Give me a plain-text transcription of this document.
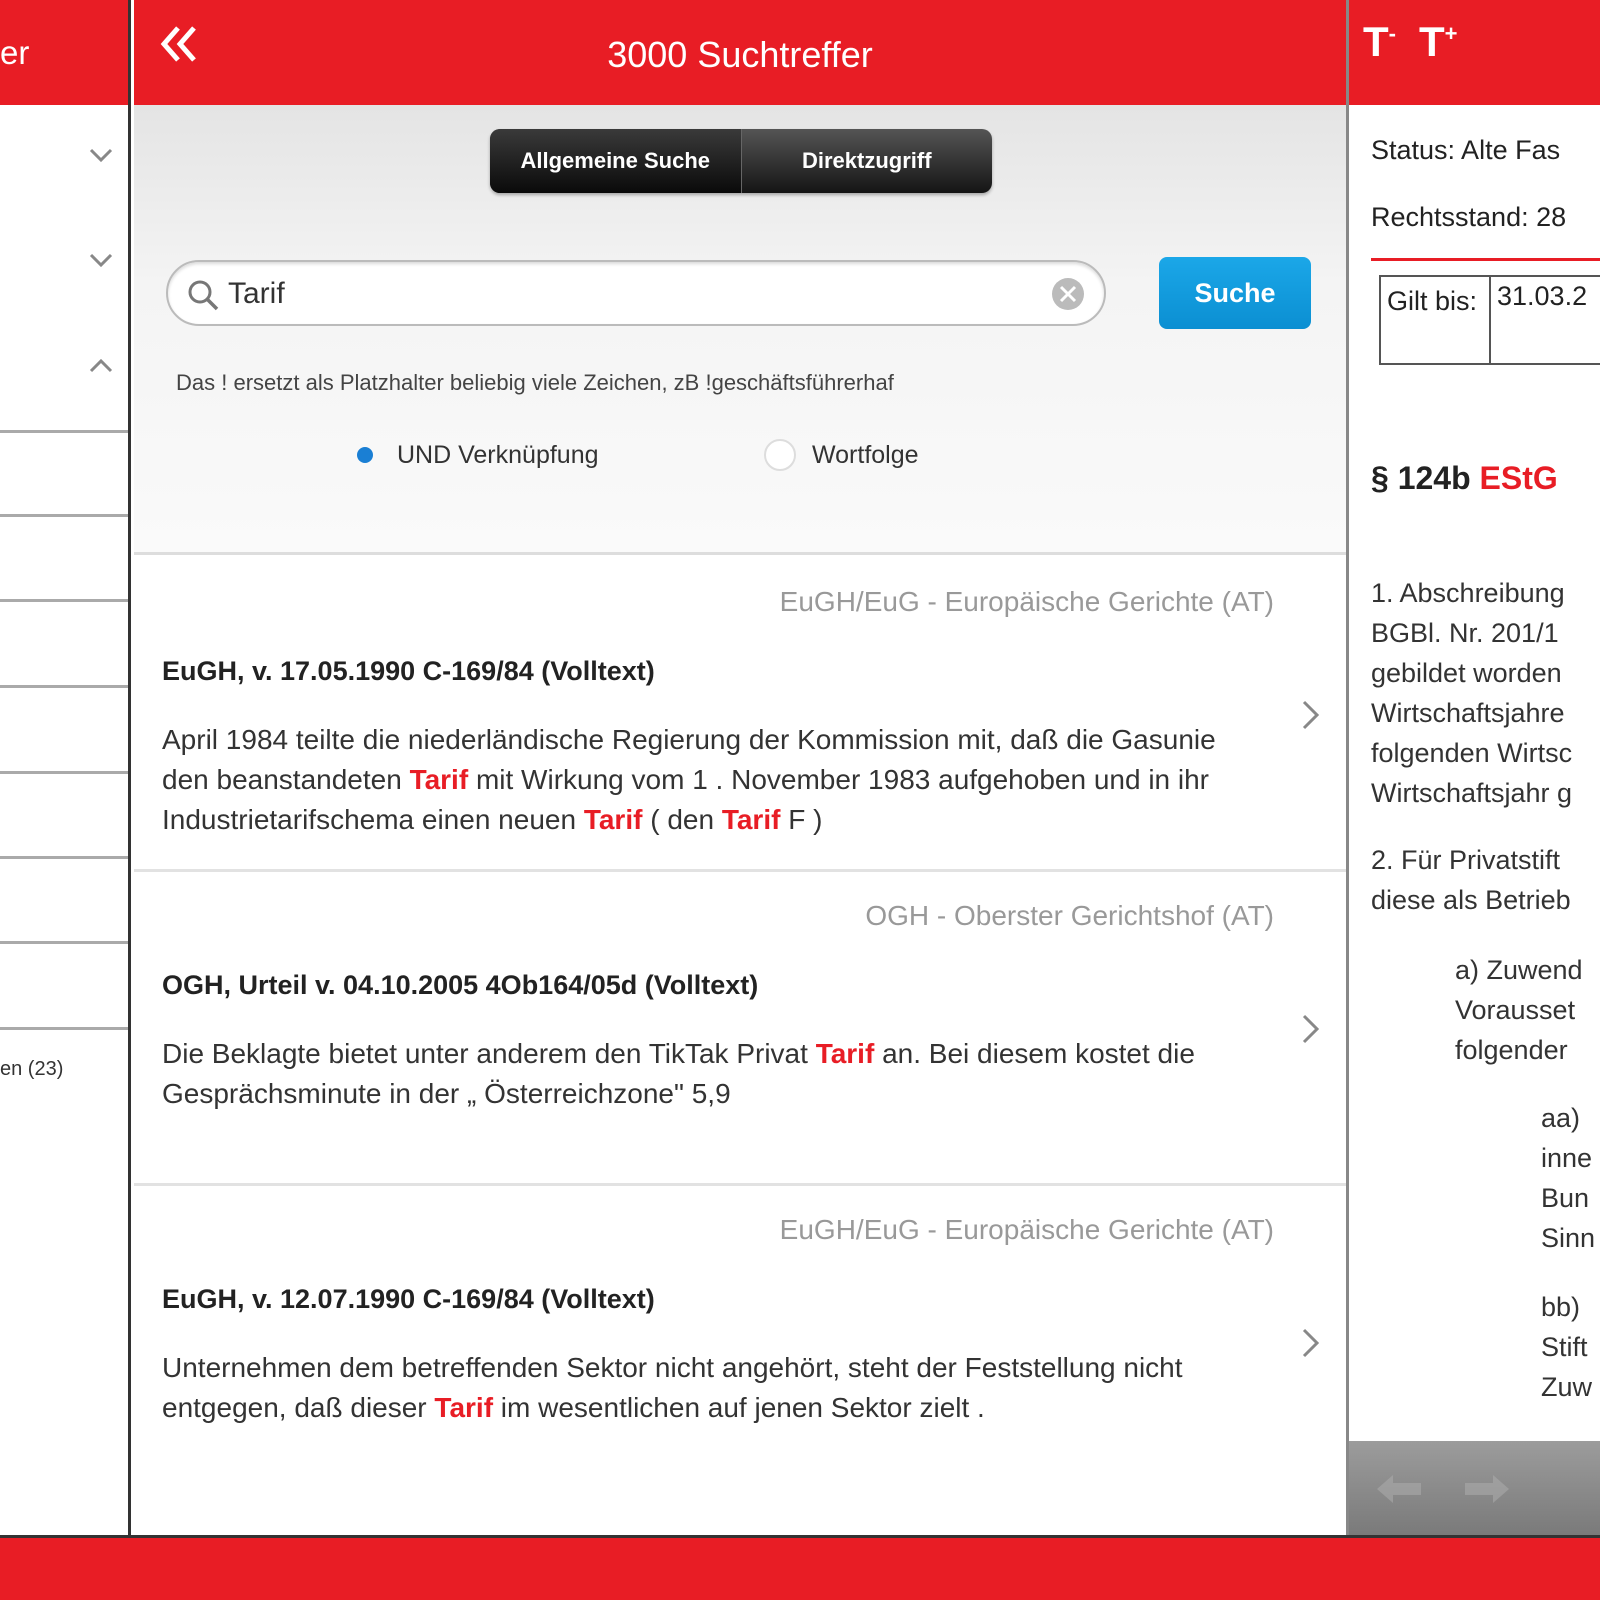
er
en (23)
3000 Suchtreffer
Allgemeine Suche	Direktzugriff
Tarif
Suche
Das ! ersetzt als Platzhalter beliebig viele Zeichen, zB !geschäftsführerhaf
UND Verknüpfung	Wortfolge
EuGH/EuG - Europäische Gerichte (AT)
EuGH, v. 17.05.1990 C-169/84 (Volltext)
April 1984 teilte die niederländische Regierung der Kommission mit, daß die Gasunie den beanstandeten Tarif mit Wirkung vom 1 . November 1983 aufgehoben und in ihr Industrietarifschema einen neuen Tarif ( den Tarif F )
OGH - Oberster Gerichtshof (AT)
OGH, Urteil v. 04.10.2005 4Ob164/05d (Volltext)
Die Beklagte bietet unter anderem den TikTak Privat Tarif an. Bei diesem kostet die Gesprächsminute in der „ Österreichzone" 5,9
EuGH/EuG - Europäische Gerichte (AT)
EuGH, v. 12.07.1990 C-169/84 (Volltext)
Unternehmen dem betreffenden Sektor nicht angehört, steht der Feststellung nicht entgegen, daß dieser Tarif im wesentlichen auf jenen Sektor zielt .
T- T+
Status: Alte Fas
Rechtsstand: 28
Gilt bis: 31.03.2
§ 124b EStG
1. Abschreibung
BGBl. Nr. 201/1
gebildet worden
Wirtschaftsjahre
folgenden Wirtsc
Wirtschaftsjahr g
2. Für Privatstift
diese als Betrieb
a) Zuwend
Vorausset
folgender
aa)
inne
Bun
Sinn
bb)
Stift
Zuw
